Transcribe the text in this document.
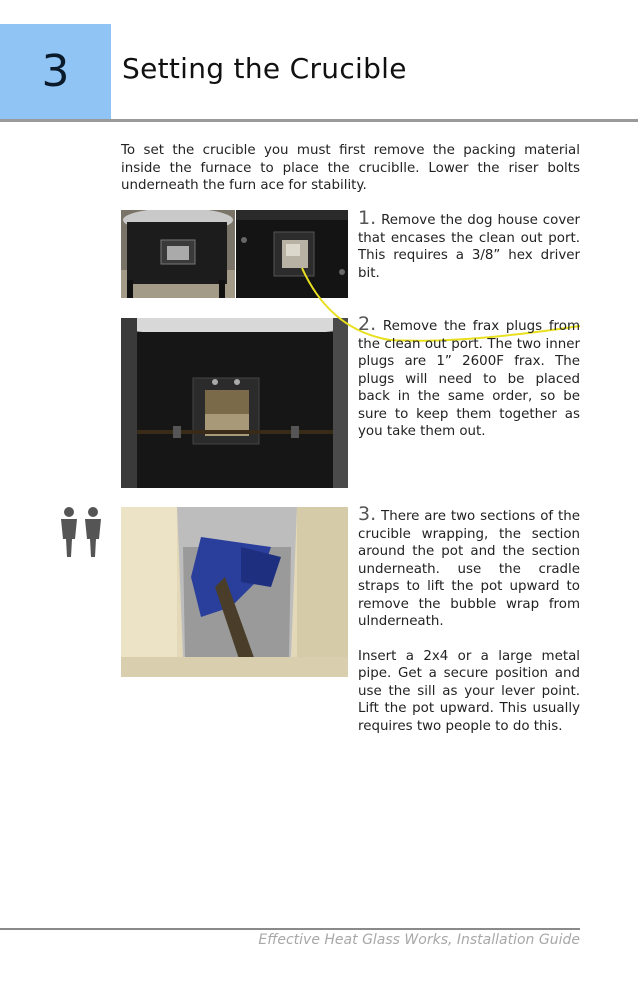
3 Setting the Crucible
To set the crucible you must first remove the packing material inside the furnace to place the cruciblle. Lower the riser bolts underneath the furn ace for stability.

1. Remove the dog house cover that encases the clean out port. This requires a 3/8” hex driver bit.

2. Remove the frax plugs from the clean out port. The two inner plugs are 1” 2600F frax. The plugs will need to be placed back in the same order, so be sure to keep them together as you take them out.

3. There are two sections of the crucible wrapping, the section around the pot and the section underneath. use the cradle straps to lift the pot upward to remove the bubble wrap from ulnderneath.

Insert a 2x4 or a large metal pipe. Get a secure position and use the sill as your lever point. Lift the pot upward. This usually requires two people to do this.

Effective Heat Glass Works, Installation Guide
